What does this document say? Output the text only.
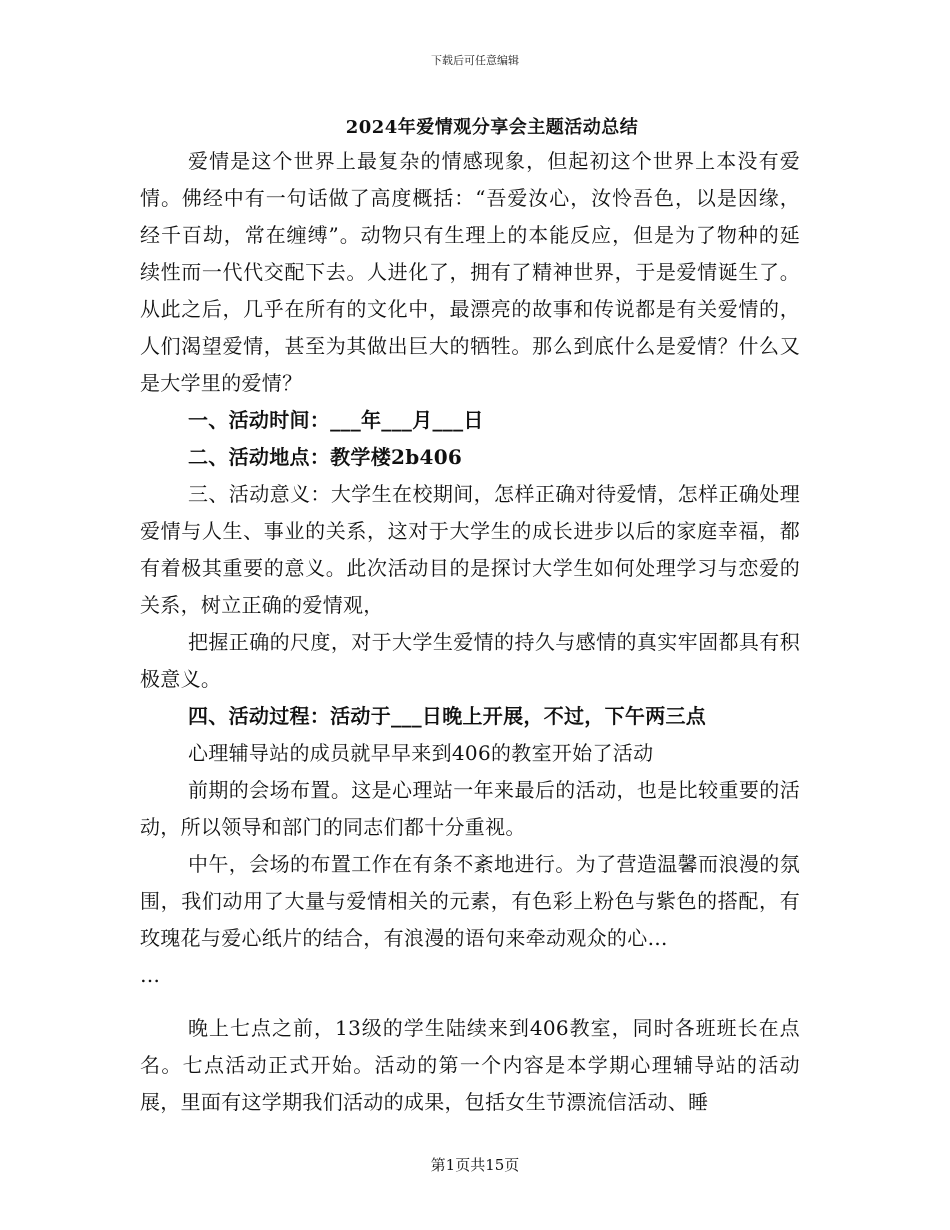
下载后可任意编辑
2024年爱情观分享会主题活动总结

爱情是这个世界上最复杂的情感现象，但起初这个世界上本没有爱情。佛经中有一句话做了高度概括：“吾爱汝心，汝怜吾色，以是因缘，经千百劫，常在缠缚”。动物只有生理上的本能反应，但是为了物种的延续性而一代代交配下去。人进化了，拥有了精神世界，于是爱情诞生了。从此之后，几乎在所有的文化中，最漂亮的故事和传说都是有关爱情的，人们渴望爱情，甚至为其做出巨大的牺牲。那么到底什么是爱情？什么又是大学里的爱情？

一、活动时间：___年___月___日

二、活动地点：教学楼2b406

三、活动意义：大学生在校期间，怎样正确对待爱情，怎样正确处理爱情与人生、事业的关系，这对于大学生的成长进步以后的家庭幸福，都有着极其重要的意义。此次活动目的是探讨大学生如何处理学习与恋爱的关系，树立正确的爱情观，

把握正确的尺度，对于大学生爱情的持久与感情的真实牢固都具有积极意义。

四、活动过程：活动于___日晚上开展，不过，下午两三点

心理辅导站的成员就早早来到406的教室开始了活动

前期的会场布置。这是心理站一年来最后的活动，也是比较重要的活动，所以领导和部门的同志们都十分重视。

中午，会场的布置工作在有条不紊地进行。为了营造温馨而浪漫的氛围，我们动用了大量与爱情相关的元素，有色彩上粉色与紫色的搭配，有玫瑰花与爱心纸片的结合，有浪漫的语句来牵动观众的心…

…

晚上七点之前，13级的学生陆续来到406教室，同时各班班长在点名。七点活动正式开始。活动的第一个内容是本学期心理辅导站的活动展，里面有这学期我们活动的成果，包括女生节漂流信活动、睡

第1页共15页
